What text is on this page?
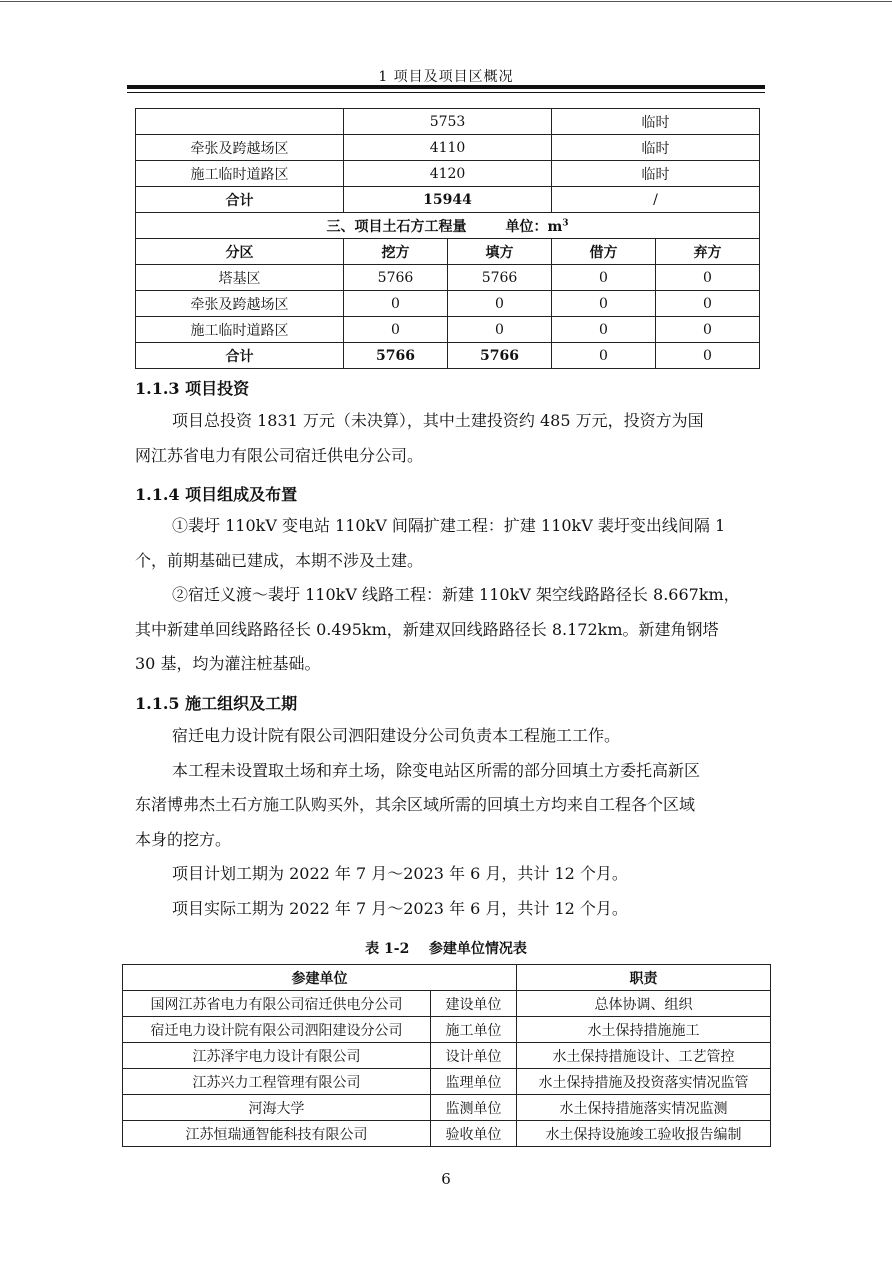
1 项目及项目区概况
	5753		临时	
牵张及跨越场区	4110		临时	
施工临时道路区	4120		临时	
合计	15944		/	
三、项目土石方工程量        单位：$m^3$
分区	挖方	填方	借方	弃方
塔基区	5766	5766	0	0
牵张及跨越场区	0	0	0	0
施工临时道路区	0	0	0	0
合计	5766	5766	0	0
1.1.3 项目投资
项目总投资 1831 万元（未决算），其中土建投资约 485 万元，投资方为国
网江苏省电力有限公司宿迁供电分公司。
1.1.4 项目组成及布置
①裴圩 110kV 变电站 110kV 间隔扩建工程：扩建 110kV 裴圩变出线间隔 1
个，前期基础已建成，本期不涉及土建。
②宿迁义渡～裴圩 110kV 线路工程：新建 110kV 架空线路路径长 8.667km，
其中新建单回线路路径长 0.495km，新建双回线路路径长 8.172km。新建角钢塔
30 基，均为灌注桩基础。
1.1.5 施工组织及工期
宿迁电力设计院有限公司泗阳建设分公司负责本工程施工工作。
本工程未设置取土场和弃土场，除变电站区所需的部分回填土方委托高新区
东渚博弗杰土石方施工队购买外，其余区域所需的回填土方均来自工程各个区域
本身的挖方。
项目计划工期为 2022 年 7 月～2023 年 6 月，共计 12 个月。
项目实际工期为 2022 年 7 月～2023 年 6 月，共计 12 个月。
表 1-2    参建单位情况表
参建单位		职责
国网江苏省电力有限公司宿迁供电分公司	建设单位	总体协调、组织
宿迁电力设计院有限公司泗阳建设分公司	施工单位	水土保持措施施工
江苏泽宇电力设计有限公司	设计单位	水土保持措施设计、工艺管控
江苏兴力工程管理有限公司	监理单位	水土保持措施及投资落实情况监管
河海大学	监测单位	水土保持措施落实情况监测
江苏恒瑞通智能科技有限公司	验收单位	水土保持设施竣工验收报告编制
6
